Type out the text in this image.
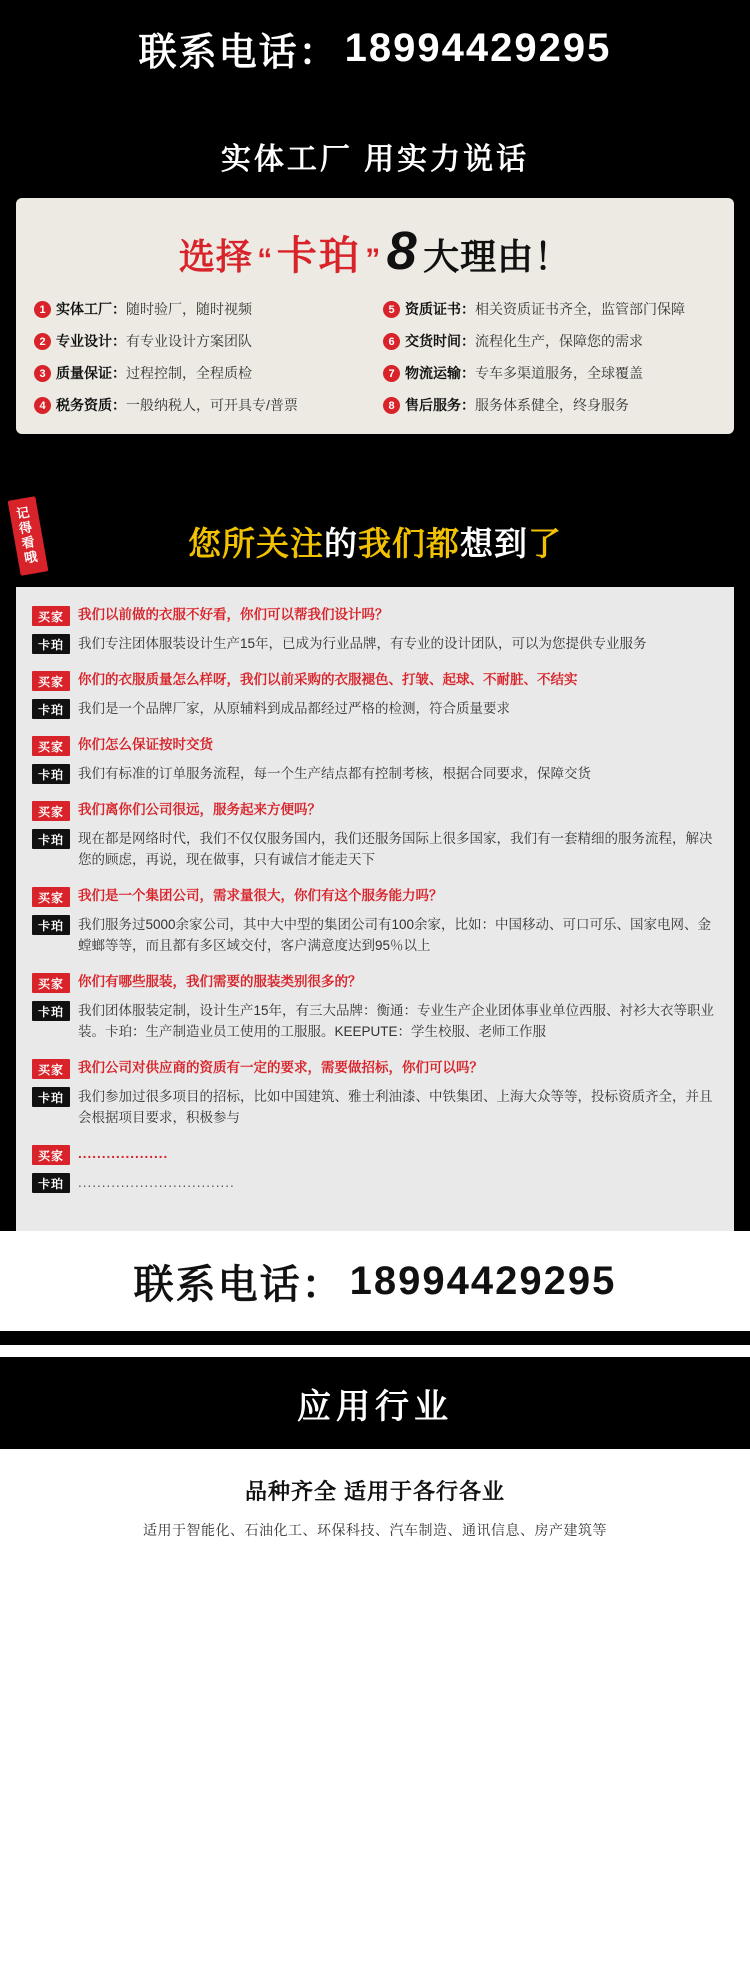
联系电话： 18994429295
实体工厂 用实力说话
选择 “ 卡珀 ” 8 大理由！
1 实体工厂： 随时验厂，随时视频	5 资质证书： 相关资质证书齐全，监管部门保障
2 专业设计： 有专业设计方案团队	6 交货时间： 流程化生产，保障您的需求
3 质量保证： 过程控制，全程质检	7 物流运输： 专车多渠道服务，全球覆盖
4 税务资质： 一般纳税人，可开具专/普票	8 售后服务： 服务体系健全，终身服务
记得看哦	您所关注的我们都想到了
买家	我们以前做的衣服不好看，你们可以帮我们设计吗？
卡珀	我们专注团体服装设计生产15年，已成为行业品牌，有专业的设计团队，可以为您提供专业服务
买家	你们的衣服质量怎么样呀，我们以前采购的衣服褪色、打皱、起球、不耐脏、不结实
卡珀	我们是一个品牌厂家，从原辅料到成品都经过严格的检测，符合质量要求
买家	你们怎么保证按时交货
卡珀	我们有标准的订单服务流程，每一个生产结点都有控制考核，根据合同要求，保障交货
买家	我们离你们公司很远，服务起来方便吗？
卡珀	现在都是网络时代，我们不仅仅服务国内，我们还服务国际上很多国家，我们有一套精细的服务流程，解决您的顾虑，再说，现在做事，只有诚信才能走天下
买家	我们是一个集团公司，需求量很大，你们有这个服务能力吗？
卡珀	我们服务过5000余家公司，其中大中型的集团公司有100余家，比如：中国移动、可口可乐、国家电网、金螳螂等等，而且都有多区域交付，客户满意度达到95％以上
买家	你们有哪些服装，我们需要的服装类别很多的？
卡珀	我们团体服装定制，设计生产15年，有三大品牌：衡通：专业生产企业团体事业单位西服、衬衫大衣等职业装。卡珀：生产制造业员工使用的工服服。KEEPUTE：学生校服、老师工作服
买家	我们公司对供应商的资质有一定的要求，需要做招标，你们可以吗？
卡珀	我们参加过很多项目的招标，比如中国建筑、雅士利油漆、中铁集团、上海大众等等，投标资质齐全，并且会根据项目要求，积极参与
买家	...................
卡珀	.................................
联系电话： 18994429295
应用行业
品种齐全 适用于各行各业
适用于智能化、石油化工、环保科技、汽车制造、通讯信息、房产建筑等
